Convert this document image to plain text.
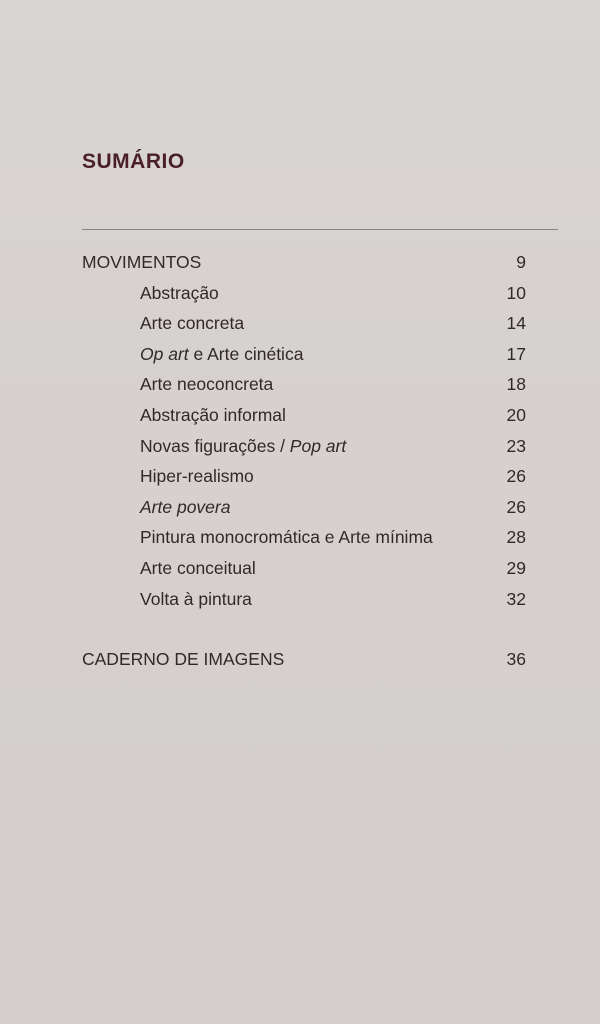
SUMÁRIO
MOVIMENTOS	9
Abstração	10
Arte concreta	14
Op art e Arte cinética	17
Arte neoconcreta	18
Abstração informal	20
Novas figurações / Pop art	23
Hiper-realismo	26
Arte povera	26
Pintura monocromática e Arte mínima	28
Arte conceitual	29
Volta à pintura	32
CADERNO DE IMAGENS	36
